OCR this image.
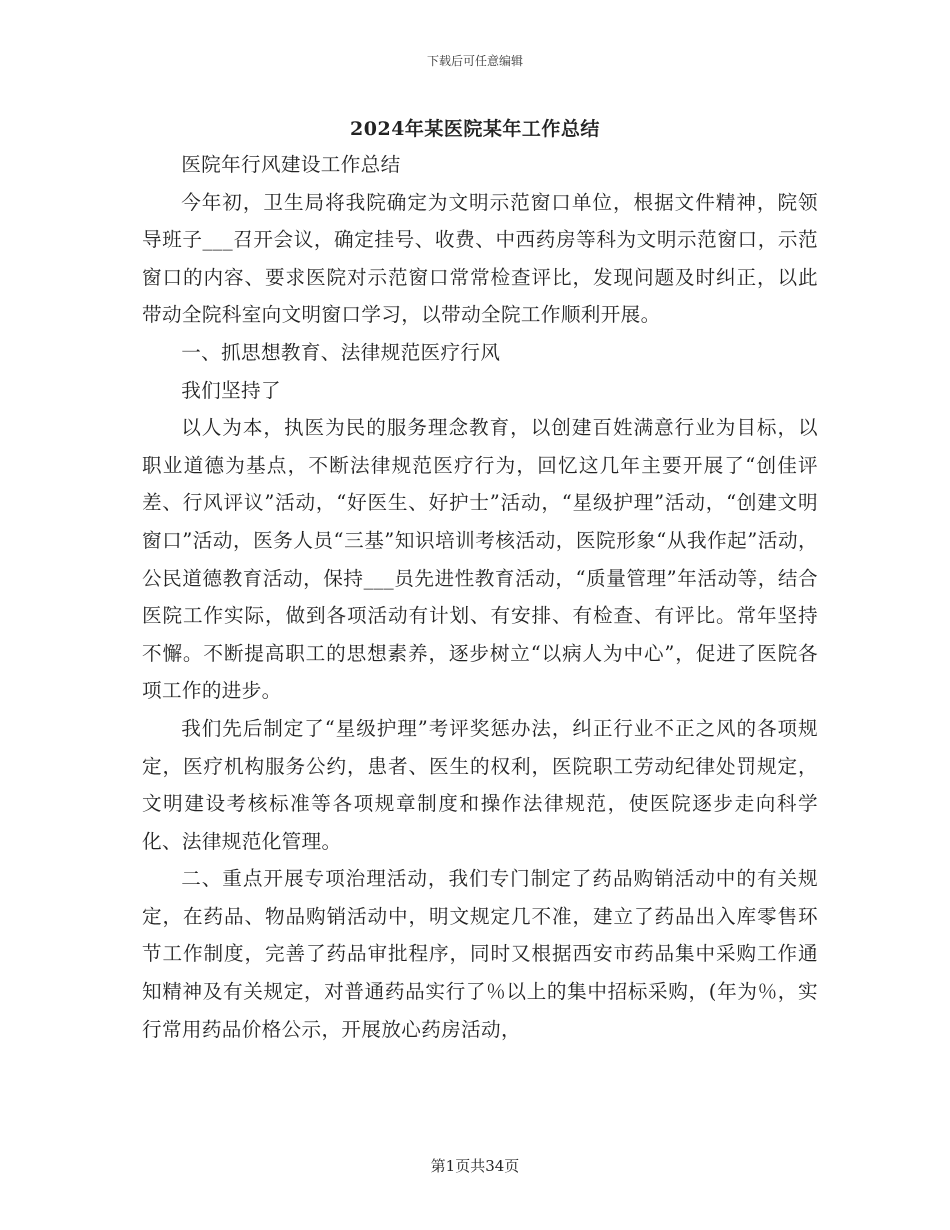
下载后可任意编辑
2024年某医院某年工作总结

医院年行风建设工作总结

今年初，卫生局将我院确定为文明示范窗口单位，根据文件精神，院领导班子___召开会议，确定挂号、收费、中西药房等科为文明示范窗口，示范窗口的内容、要求医院对示范窗口常常检查评比，发现问题及时纠正，以此带动全院科室向文明窗口学习，以带动全院工作顺利开展。

一、抓思想教育、法律规范医疗行风

我们坚持了

以人为本，执医为民的服务理念教育，以创建百姓满意行业为目标，以职业道德为基点，不断法律规范医疗行为，回忆这几年主要开展了“创佳评差、行风评议”活动，“好医生、好护士”活动，“星级护理”活动，“创建文明窗口”活动，医务人员“三基”知识培训考核活动，医院形象“从我作起”活动，公民道德教育活动，保持___员先进性教育活动，“质量管理”年活动等，结合医院工作实际，做到各项活动有计划、有安排、有检查、有评比。常年坚持不懈。不断提高职工的思想素养，逐步树立“以病人为中心”，促进了医院各项工作的进步。

我们先后制定了“星级护理”考评奖惩办法，纠正行业不正之风的各项规定，医疗机构服务公约，患者、医生的权利，医院职工劳动纪律处罚规定，文明建设考核标准等各项规章制度和操作法律规范，使医院逐步走向科学化、法律规范化管理。

二、重点开展专项治理活动，我们专门制定了药品购销活动中的有关规定，在药品、物品购销活动中，明文规定几不准，建立了药品出入库零售环节工作制度，完善了药品审批程序，同时又根据西安市药品集中采购工作通知精神及有关规定，对普通药品实行了％以上的集中招标采购，(年为％，实行常用药品价格公示，开展放心药房活动，

第1页共34页
